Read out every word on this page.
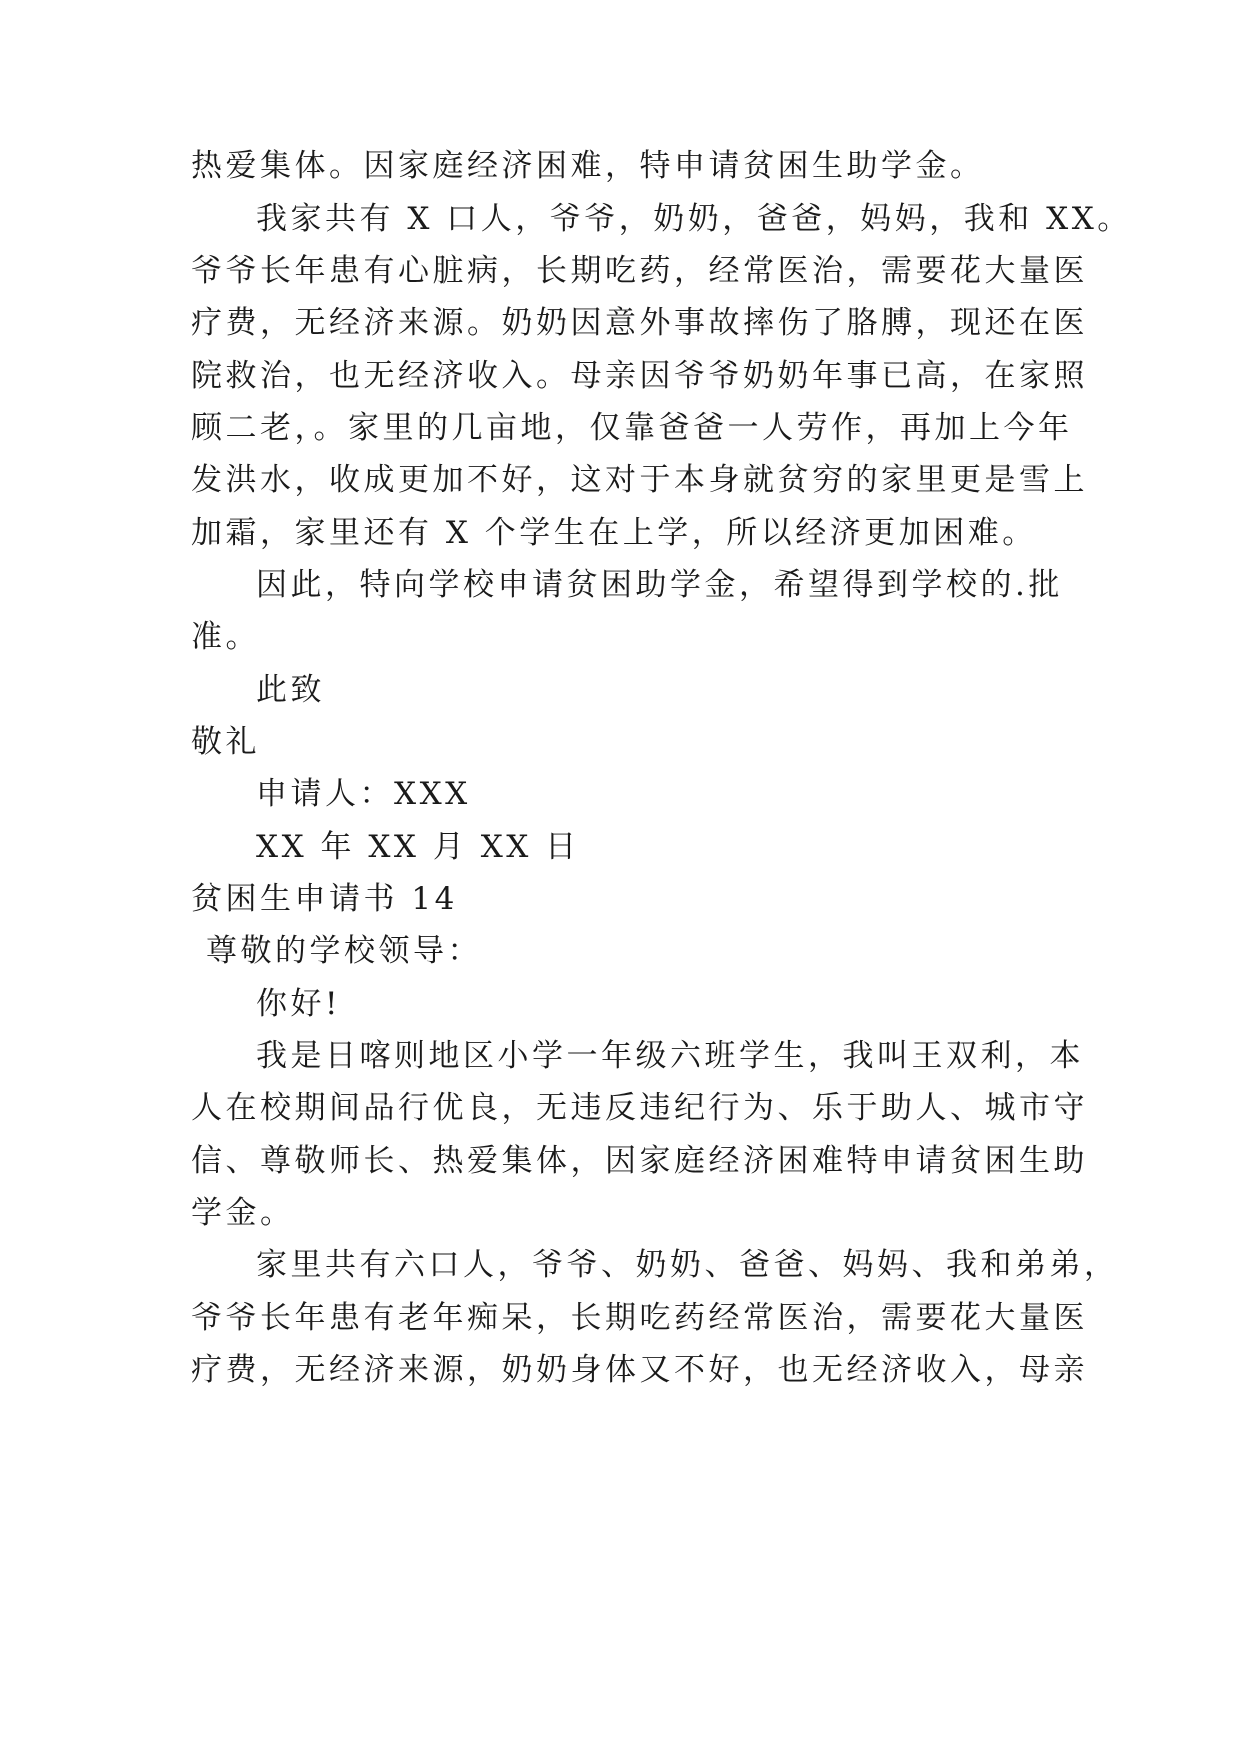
热爱集体。因家庭经济困难，特申请贫困生助学金。
我家共有 X 口人，爷爷，奶奶，爸爸，妈妈，我和 XX。
爷爷长年患有心脏病，长期吃药，经常医治，需要花大量医
疗费，无经济来源。奶奶因意外事故摔伤了胳膊，现还在医
院救治，也无经济收入。母亲因爷爷奶奶年事已高，在家照
顾二老，。家里的几亩地，仅靠爸爸一人劳作，再加上今年
发洪水，收成更加不好，这对于本身就贫穷的家里更是雪上
加霜，家里还有 X 个学生在上学，所以经济更加困难。
因此，特向学校申请贫困助学金，希望得到学校的.批
准。
此致
敬礼
申请人：XXX
XX 年 XX 月 XX 日
贫困生申请书 14
尊敬的学校领导：
你好!
我是日喀则地区小学一年级六班学生，我叫王双利，本
人在校期间品行优良，无违反违纪行为、乐于助人、城市守
信、尊敬师长、热爱集体，因家庭经济困难特申请贫困生助
学金。
家里共有六口人，爷爷、奶奶、爸爸、妈妈、我和弟弟，
爷爷长年患有老年痴呆，长期吃药经常医治，需要花大量医
疗费，无经济来源，奶奶身体又不好，也无经济收入，母亲
